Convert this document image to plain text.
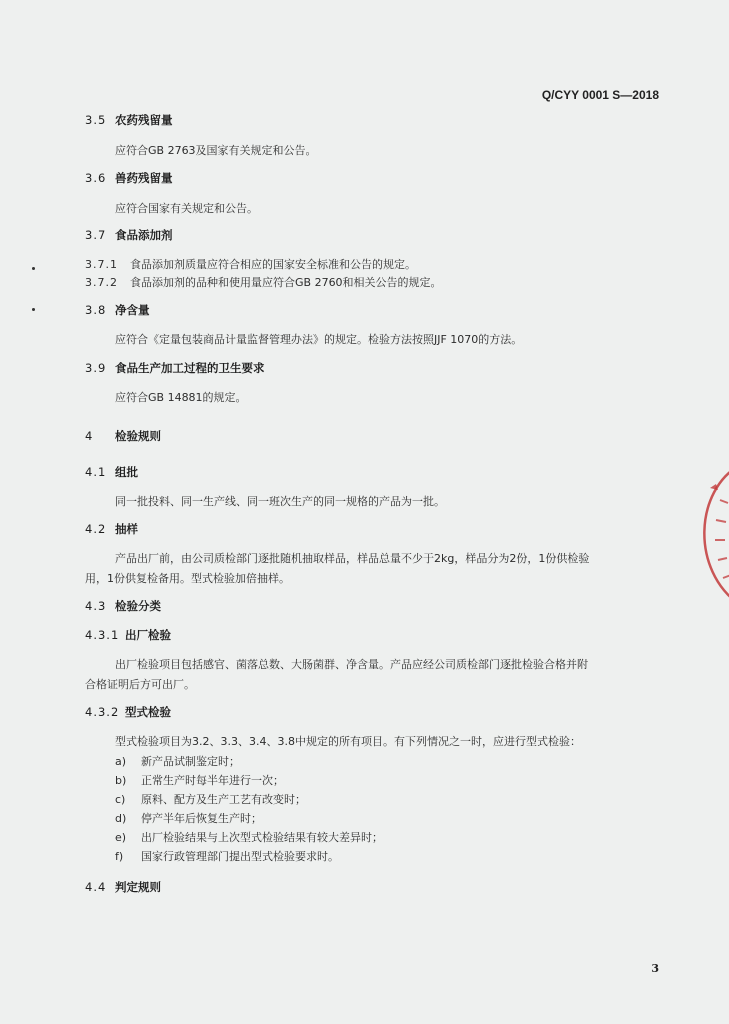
Q/CYY 0001 S—2018
3.5 农药残留量
应符合GB 2763及国家有关规定和公告。
3.6 兽药残留量
应符合国家有关规定和公告。
3.7 食品添加剂
3.7.1 食品添加剂质量应符合相应的国家安全标准和公告的规定。
3.7.2 食品添加剂的品种和使用量应符合GB 2760和相关公告的规定。
3.8 净含量
应符合《定量包装商品计量监督管理办法》的规定。检验方法按照JJF 1070的方法。
3.9 食品生产加工过程的卫生要求
应符合GB 14881的规定。
4 检验规则
4.1 组批
同一批投料、同一生产线、同一班次生产的同一规格的产品为一批。
4.2 抽样
产品出厂前，由公司质检部门逐批随机抽取样品，样品总量不少于2kg，样品分为2份，1份供检验
用，1份供复检备用。型式检验加倍抽样。
4.3 检验分类
4.3.1 出厂检验
出厂检验项目包括感官、菌落总数、大肠菌群、净含量。产品应经公司质检部门逐批检验合格并附
合格证明后方可出厂。
4.3.2 型式检验
型式检验项目为3.2、3.3、3.4、3.8中规定的所有项目。有下列情况之一时，应进行型式检验：
a) 新产品试制鉴定时；
b) 正常生产时每半年进行一次；
c) 原料、配方及生产工艺有改变时；
d) 停产半年后恢复生产时；
e) 出厂检验结果与上次型式检验结果有较大差异时；
f) 国家行政管理部门提出型式检验要求时。
4.4 判定规则
3
